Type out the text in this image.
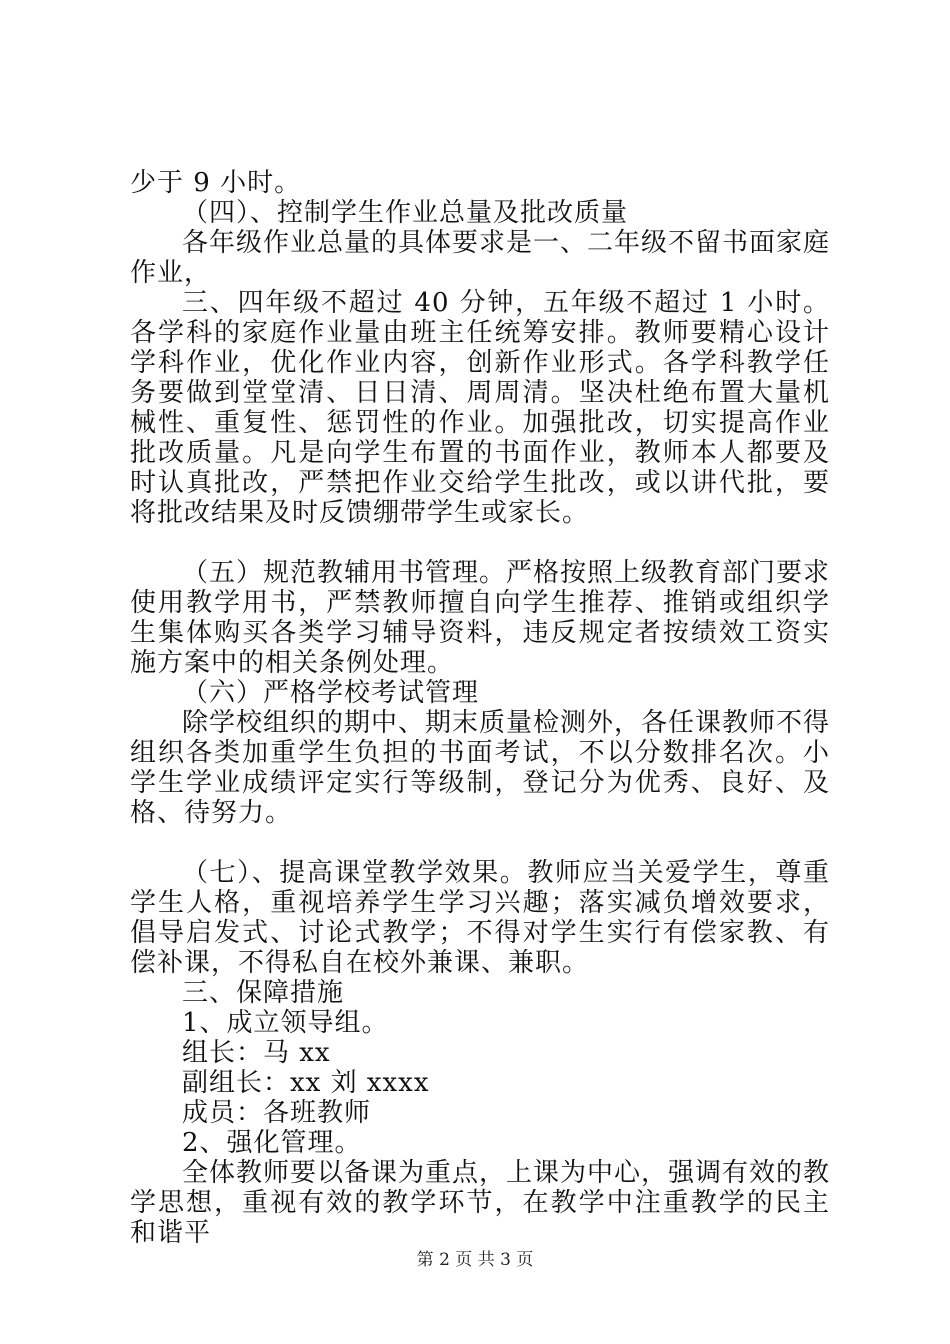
少于 9 小时。

（四）、控制学生作业总量及批改质量

各年级作业总量的具体要求是一、二年级不留书面家庭作业，

三、四年级不超过 40 分钟，五年级不超过 1 小时。各学科的家庭作业量由班主任统筹安排。教师要精心设计学科作业，优化作业内容，创新作业形式。各学科教学任务要做到堂堂清、日日清、周周清。坚决杜绝布置大量机械性、重复性、惩罚性的作业。加强批改，切实提高作业批改质量。凡是向学生布置的书面作业，教师本人都要及时认真批改，严禁把作业交给学生批改，或以讲代批，要将批改结果及时反馈绷带学生或家长。

（五）规范教辅用书管理。严格按照上级教育部门要求使用教学用书，严禁教师擅自向学生推荐、推销或组织学生集体购买各类学习辅导资料，违反规定者按绩效工资实施方案中的相关条例处理。

（六）严格学校考试管理

除学校组织的期中、期末质量检测外，各任课教师不得组织各类加重学生负担的书面考试，不以分数排名次。小学生学业成绩评定实行等级制，登记分为优秀、良好、及格、待努力。

（七）、提高课堂教学效果。教师应当关爱学生，尊重学生人格，重视培养学生学习兴趣；落实减负增效要求，倡导启发式、讨论式教学；不得对学生实行有偿家教、有偿补课，不得私自在校外兼课、兼职。

三、保障措施

1、成立领导组。

组长：马 xx

副组长：xx 刘 xxxx

成员：各班教师

2、强化管理。

全体教师要以备课为重点，上课为中心，强调有效的教学思想，重视有效的教学环节，在教学中注重教学的民主和谐平

第 2 页 共 3 页
